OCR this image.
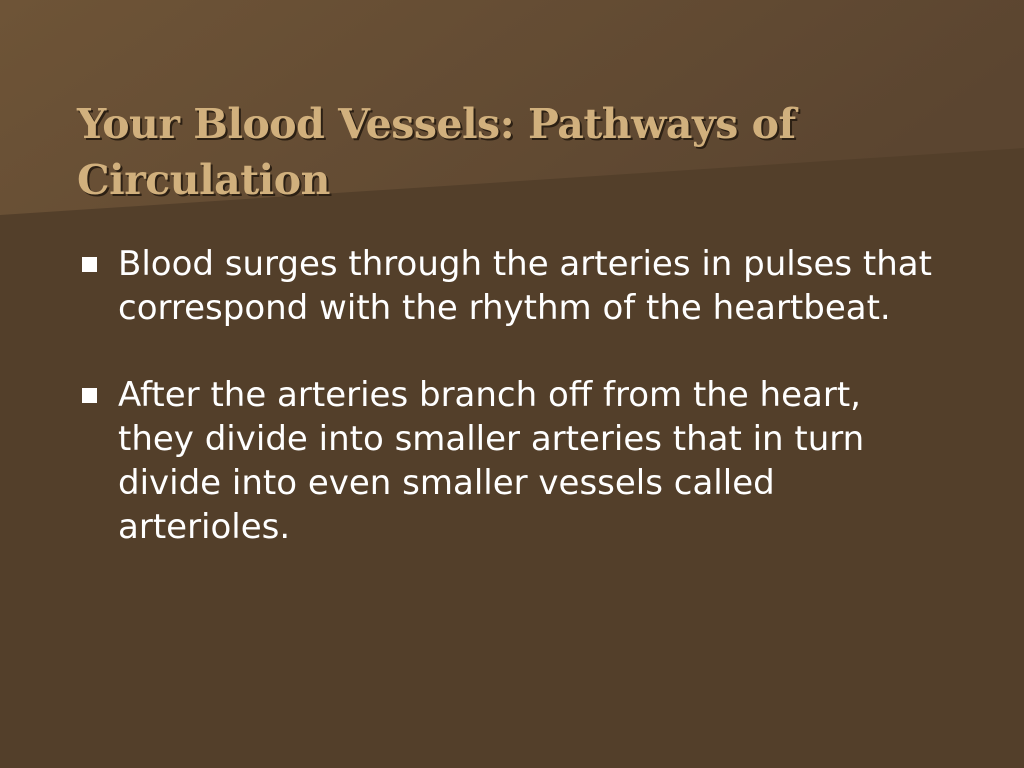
Your Blood Vessels: Pathways of Circulation
Blood surges through the arteries in pulses that correspond with the rhythm of the heartbeat.
After the arteries branch off from the heart, they divide into smaller arteries that in turn divide into even smaller vessels called arterioles.
